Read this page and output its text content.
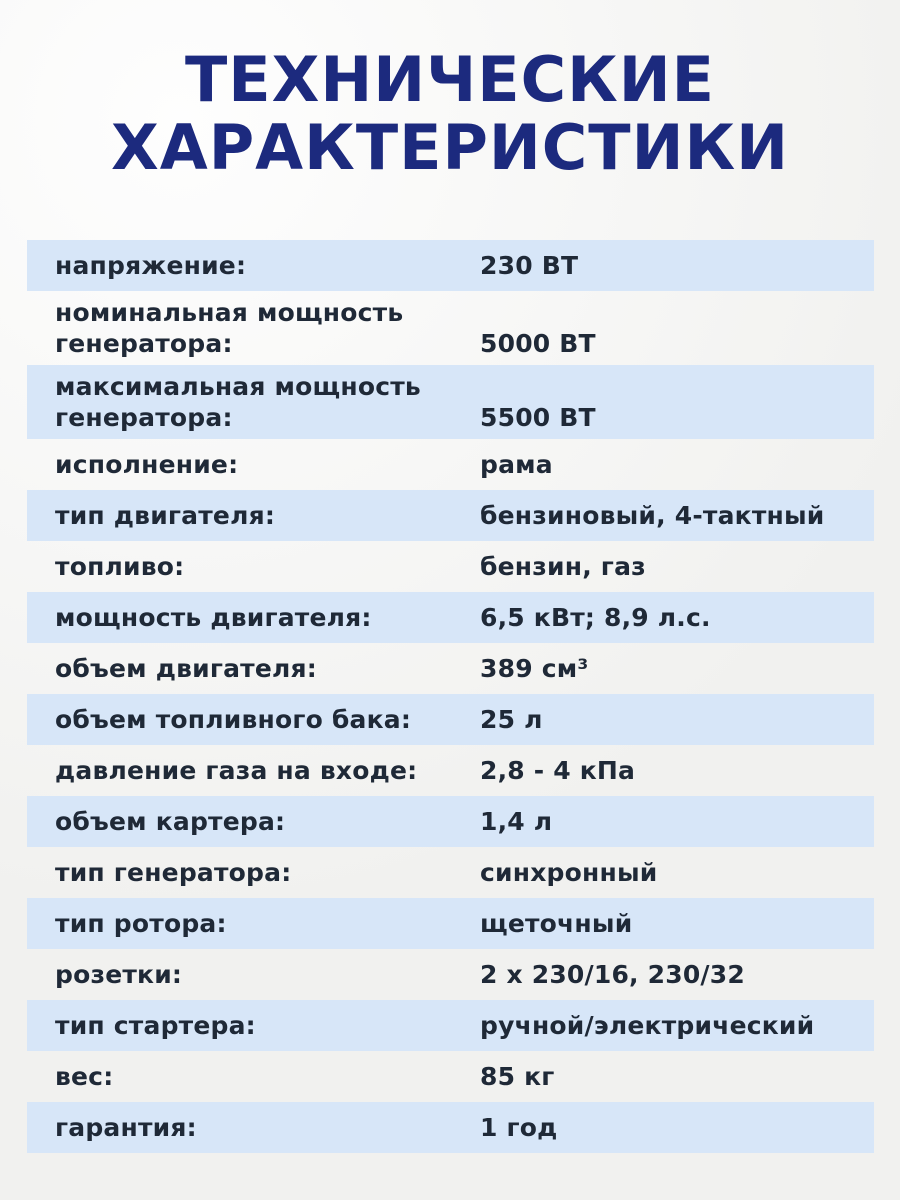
ТЕХНИЧЕСКИЕ
ХАРАКТЕРИСТИКИ
напряжение:	230 ВТ
номинальная мощность генератора:	5000 ВТ
максимальная мощность генератора:	5500 ВТ
исполнение:	рама
тип двигателя:	бензиновый, 4-тактный
топливо:	бензин, газ
мощность двигателя:	6,5 кВт; 8,9 л.с.
объем двигателя:	389 см³
объем топливного бака:	25 л
давление газа на входе:	2,8 - 4 кПа
объем картера:	1,4 л
тип генератора:	синхронный
тип ротора:	щеточный
розетки:	2 х 230/16, 230/32
тип стартера:	ручной/электрический
вес:	85 кг
гарантия:	1 год
